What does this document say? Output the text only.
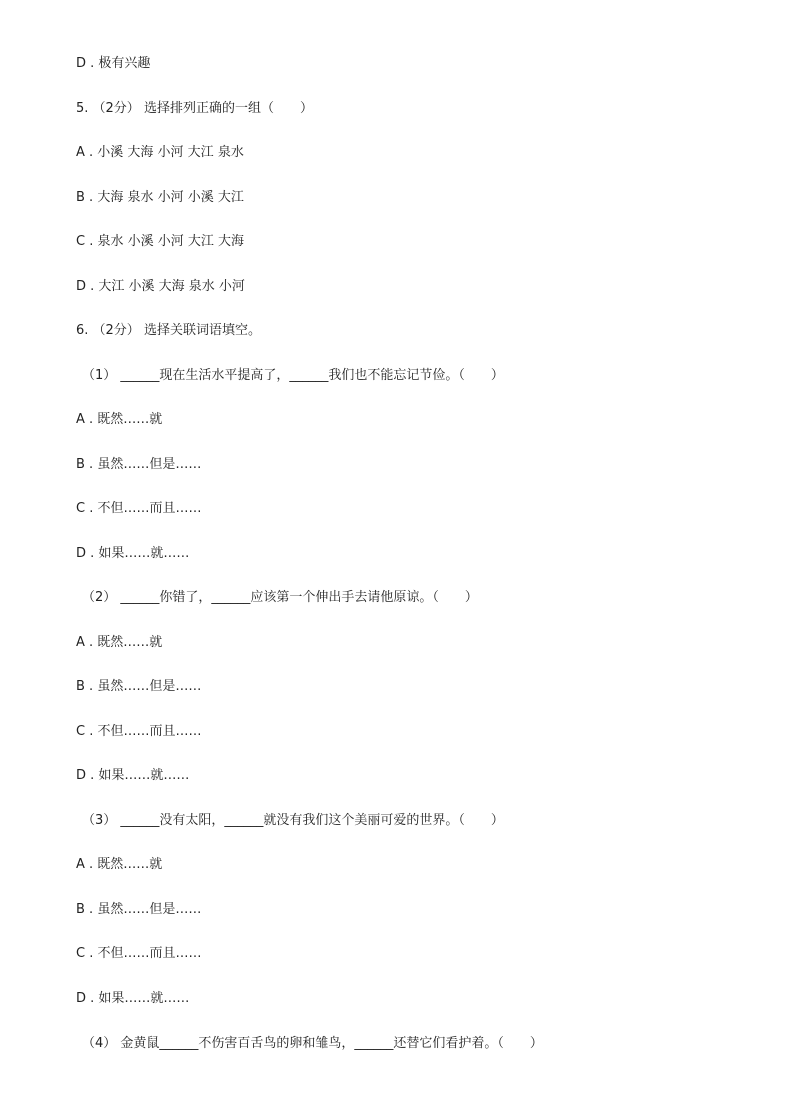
D . 极有兴趣
5. （2分） 选择排列正确的一组（　　）
A . 小溪 大海 小河 大江 泉水
B . 大海 泉水 小河 小溪 大江
C . 泉水 小溪 小河 大江 大海
D . 大江 小溪 大海 泉水 小河
6. （2分） 选择关联词语填空。
（1） ______现在生活水平提高了，______我们也不能忘记节俭。（　　）
A . 既然……就
B . 虽然……但是……
C . 不但……而且……
D . 如果……就……
（2） ______你错了，______应该第一个伸出手去请他原谅。（　　）
A . 既然……就
B . 虽然……但是……
C . 不但……而且……
D . 如果……就……
（3） ______没有太阳，______就没有我们这个美丽可爱的世界。（　　）
A . 既然……就
B . 虽然……但是……
C . 不但……而且……
D . 如果……就……
（4） 金黄鼠______不伤害百舌鸟的卵和雏鸟，______还替它们看护着。（　　）
